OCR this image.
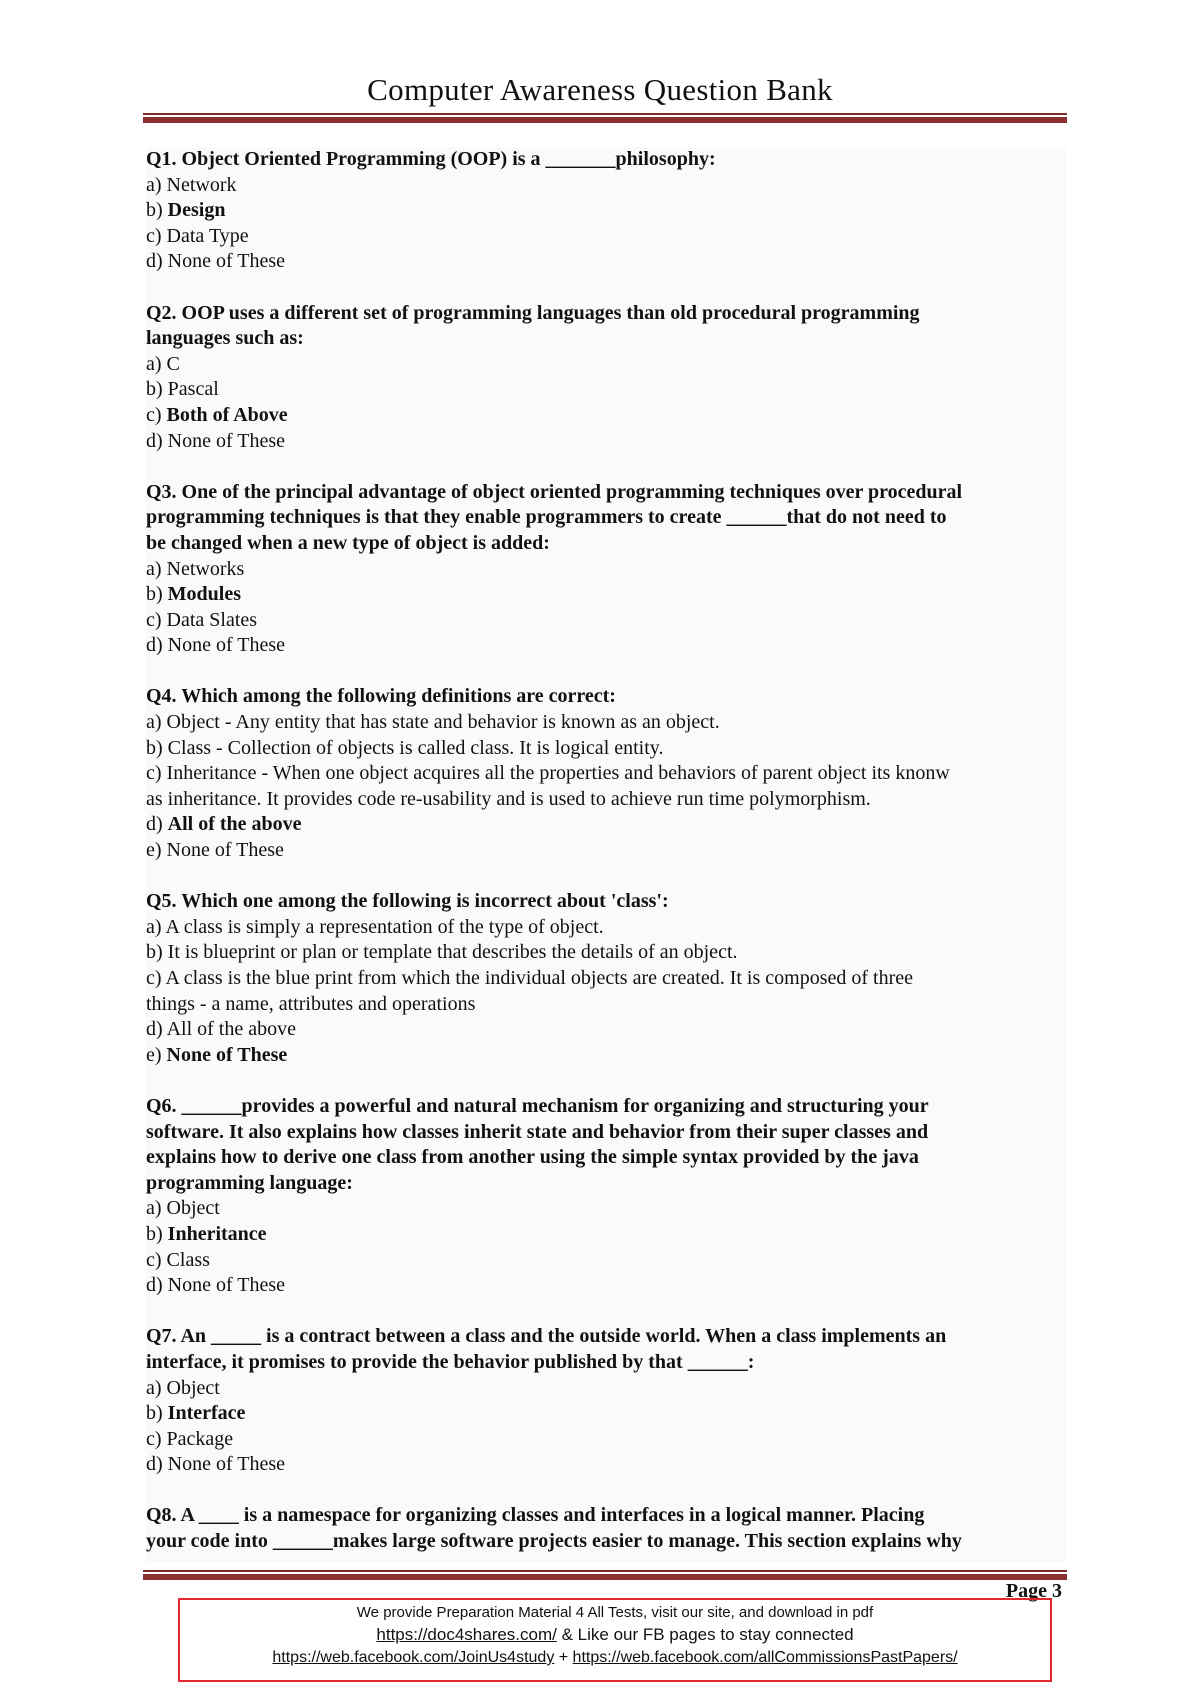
Computer Awareness Question Bank
Q1. Object Oriented Programming (OOP) is a _______philosophy:
a) Network
b) Design
c) Data Type
d) None of These
Q2. OOP uses a different set of programming languages than old procedural programming
languages such as:
a) C
b) Pascal
c) Both of Above
d) None of These
Q3. One of the principal advantage of object oriented programming techniques over procedural
programming techniques is that they enable programmers to create ______that do not need to
be changed when a new type of object is added:
a) Networks
b) Modules
c) Data Slates
d) None of These
Q4. Which among the following definitions are correct:
a) Object - Any entity that has state and behavior is known as an object.
b) Class - Collection of objects is called class. It is logical entity.
c) Inheritance - When one object acquires all the properties and behaviors of parent object its knonw
as inheritance. It provides code re-usability and is used to achieve run time polymorphism.
d) All of the above
e) None of These
Q5. Which one among the following is incorrect about 'class':
a) A class is simply a representation of the type of object.
b) It is blueprint or plan or template that describes the details of an object.
c) A class is the blue print from which the individual objects are created. It is composed of three
things - a name, attributes and operations
d) All of the above
e) None of These
Q6. ______provides a powerful and natural mechanism for organizing and structuring your
software. It also explains how classes inherit state and behavior from their super classes and
explains how to derive one class from another using the simple syntax provided by the java
programming language:
a) Object
b) Inheritance
c) Class
d) None of These
Q7. An _____ is a contract between a class and the outside world. When a class implements an
interface, it promises to provide the behavior published by that ______:
a) Object
b) Interface
c) Package
d) None of These
Q8. A ____ is a namespace for organizing classes and interfaces in a logical manner. Placing
your code into ______makes large software projects easier to manage. This section explains why
Page 3
We provide Preparation Material 4 All Tests, visit our site, and download in pdf
https://doc4shares.com/ & Like our FB pages to stay connected
https://web.facebook.com/JoinUs4study + https://web.facebook.com/allCommissionsPastPapers/
